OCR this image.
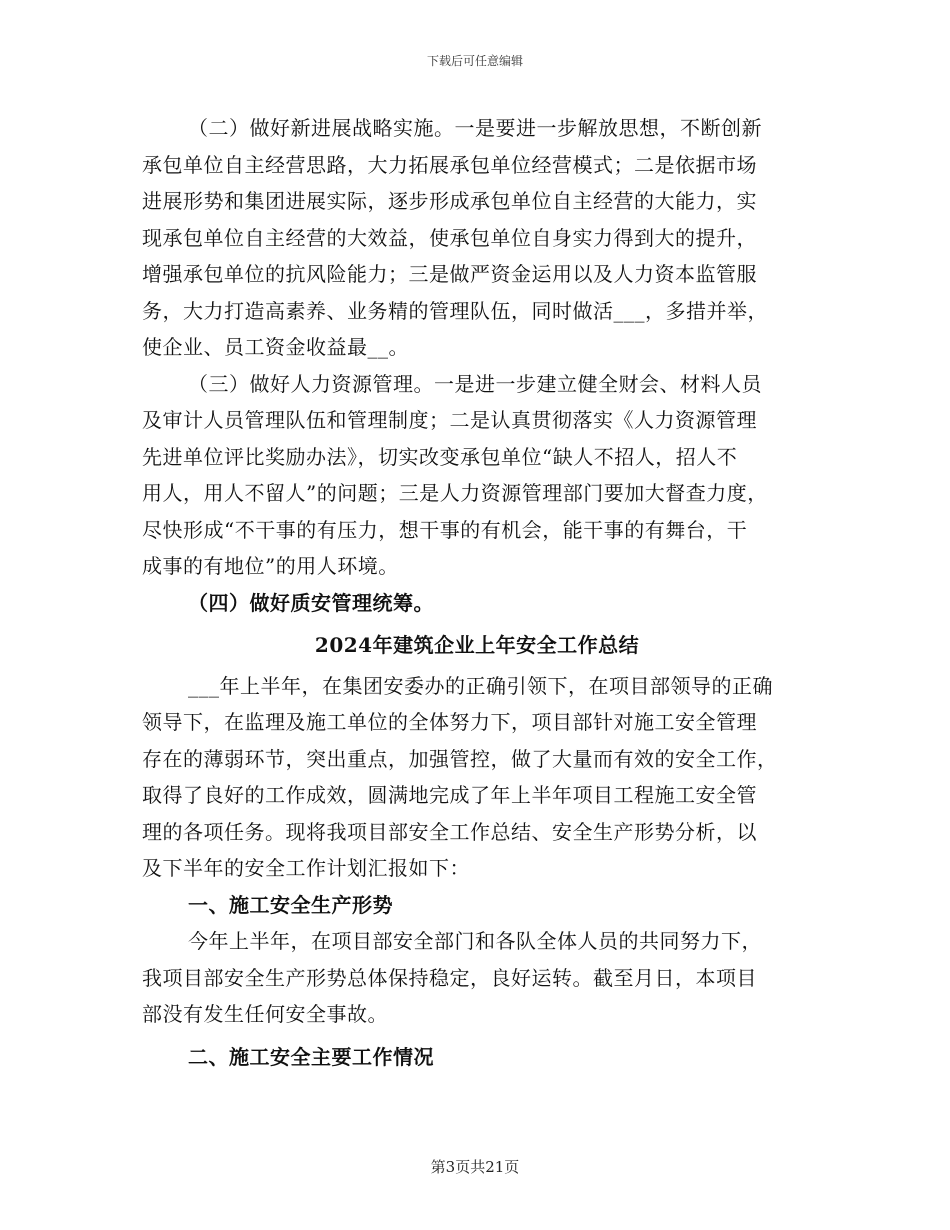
下载后可任意编辑

（二）做好新进展战略实施。一是要进一步解放思想，不断创新

承包单位自主经营思路，大力拓展承包单位经营模式；二是依据市场

进展形势和集团进展实际，逐步形成承包单位自主经营的大能力，实

现承包单位自主经营的大效益，使承包单位自身实力得到大的提升，

增强承包单位的抗风险能力；三是做严资金运用以及人力资本监管服

务，大力打造高素养、业务精的管理队伍，同时做活___，多措并举，

使企业、员工资金收益最__。

（三）做好人力资源管理。一是进一步建立健全财会、材料人员

及审计人员管理队伍和管理制度；二是认真贯彻落实《人力资源管理

先进单位评比奖励办法》，切实改变承包单位“缺人不招人，招人不

用人，用人不留人”的问题；三是人力资源管理部门要加大督查力度，

尽快形成“不干事的有压力，想干事的有机会，能干事的有舞台，干

成事的有地位”的用人环境。

（四）做好质安管理统筹。

2024年建筑企业上年安全工作总结

___年上半年，在集团安委办的正确引领下，在项目部领导的正确

领导下，在监理及施工单位的全体努力下，项目部针对施工安全管理

存在的薄弱环节，突出重点，加强管控，做了大量而有效的安全工作，

取得了良好的工作成效，圆满地完成了年上半年项目工程施工安全管

理的各项任务。现将我项目部安全工作总结、安全生产形势分析，以

及下半年的安全工作计划汇报如下：

一、施工安全生产形势

今年上半年，在项目部安全部门和各队全体人员的共同努力下，

我项目部安全生产形势总体保持稳定，良好运转。截至月日，本项目

部没有发生任何安全事故。

二、施工安全主要工作情况

第3页共21页
